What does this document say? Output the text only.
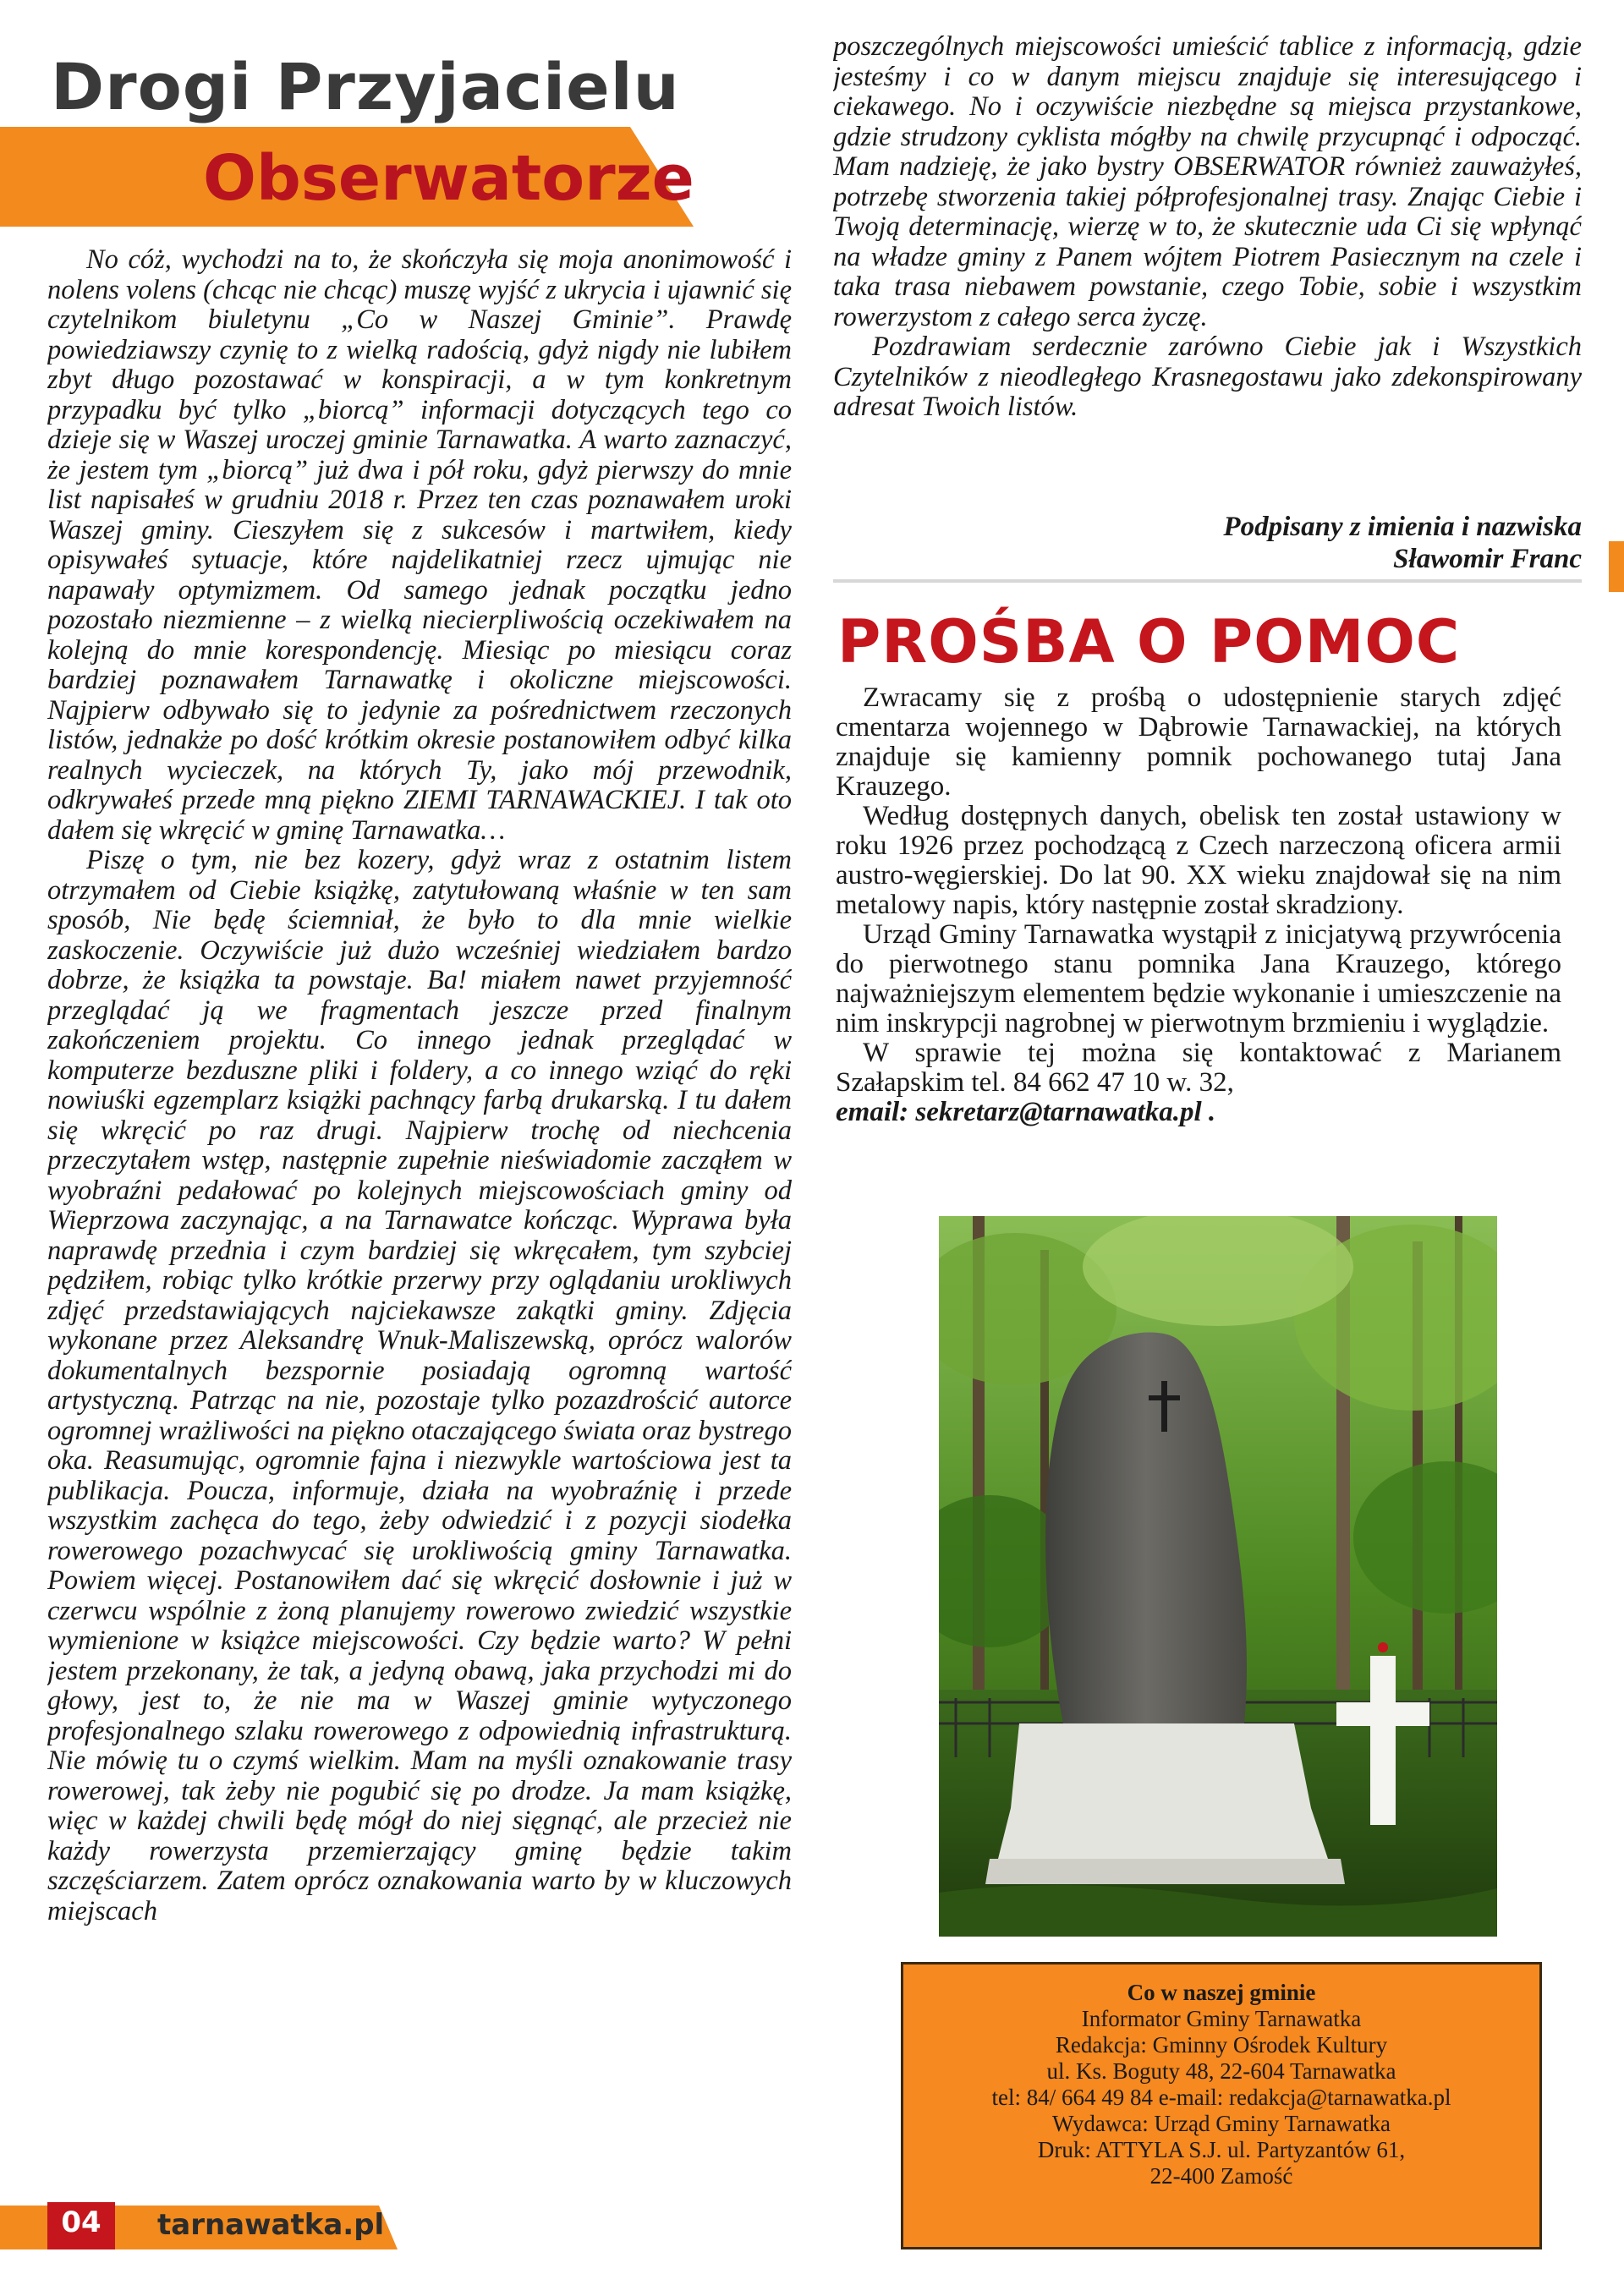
Drogi Przyjacielu
Obserwatorze

No cóż, wychodzi na to, że skończyła się moja anonimowość i nolens volens (chcąc nie chcąc) muszę wyjść z ukrycia i ujawnić się czytelnikom biuletynu „Co w Naszej Gminie”. Prawdę powiedziawszy czynię to z wielką radością, gdyż nigdy nie lubiłem zbyt długo pozostawać w konspiracji, a w tym konkretnym przypadku być tylko „biorcą” informacji dotyczących tego co dzieje się w Waszej uroczej gminie Tarnawatka. A warto zaznaczyć, że jestem tym „biorcą” już dwa i pół roku, gdyż pierwszy do mnie list napisałeś w grudniu 2018 r. Przez ten czas poznawałem uroki Waszej gminy. Cieszyłem się z sukcesów i martwiłem, kiedy opisywałeś sytuacje, które najdelikatniej rzecz ujmując nie napawały optymizmem. Od samego jednak początku jedno pozostało niezmienne – z wielką niecierpliwością oczekiwałem na kolejną do mnie korespondencję. Miesiąc po miesiącu coraz bardziej poznawałem Tarnawatkę i okoliczne miejscowości. Najpierw odbywało się to jedynie za pośrednictwem rzeczonych listów, jednakże po dość krótkim okresie postanowiłem odbyć kilka realnych wycieczek, na których Ty, jako mój przewodnik, odkrywałeś przede mną piękno ZIEMI TARNAWACKIEJ. I tak oto dałem się wkręcić w gminę Tarnawatka…

Piszę o tym, nie bez kozery, gdyż wraz z ostatnim listem otrzymałem od Ciebie książkę, zatytułowaną właśnie w ten sam sposób, Nie będę ściemniał, że było to dla mnie wielkie zaskoczenie. Oczywiście już dużo wcześniej wiedziałem bardzo dobrze, że książka ta powstaje. Ba! miałem nawet przyjemność przeglądać ją we fragmentach jeszcze przed finalnym zakończeniem projektu. Co innego jednak przeglądać w komputerze bezduszne pliki i foldery, a co innego wziąć do ręki nowiuśki egzemplarz książki pachnący farbą drukarską. I tu dałem się wkręcić po raz drugi. Najpierw trochę od niechcenia przeczytałem wstęp, następnie zupełnie nieświadomie zacząłem w wyobraźni pedałować po kolejnych miejscowościach gminy od Wieprzowa zaczynając, a na Tarnawatce kończąc. Wyprawa była naprawdę przednia i czym bardziej się wkręcałem, tym szybciej pędziłem, robiąc tylko krótkie przerwy przy oglądaniu urokliwych zdjęć przedstawiających najciekawsze zakątki gminy. Zdjęcia wykonane przez Aleksandrę Wnuk-Maliszewską, oprócz walorów dokumentalnych bezspornie posiadają ogromną wartość artystyczną. Patrząc na nie, pozostaje tylko pozazdrościć autorce ogromnej wrażliwości na piękno otaczającego świata oraz bystrego oka. Reasumując, ogromnie fajna i niezwykle wartościowa jest ta publikacja. Poucza, informuje, działa na wyobraźnię i przede wszystkim zachęca do tego, żeby odwiedzić i z pozycji siodełka rowerowego pozachwycać się urokliwością gminy Tarnawatka. Powiem więcej. Postanowiłem dać się wkręcić dosłownie i już w czerwcu wspólnie z żoną planujemy rowerowo zwiedzić wszystkie wymienione w książce miejscowości. Czy będzie warto? W pełni jestem przekonany, że tak, a jedyną obawą, jaka przychodzi mi do głowy, jest to, że nie ma w Waszej gminie wytyczonego profesjonalnego szlaku rowerowego z odpowiednią infrastrukturą. Nie mówię tu o czymś wielkim. Mam na myśli oznakowanie trasy rowerowej, tak żeby nie pogubić się po drodze. Ja mam książkę, więc w każdej chwili będę mógł do niej sięgnąć, ale przecież nie każdy rowerzysta przemierzający gminę będzie takim szczęściarzem. Zatem oprócz oznakowania warto by w kluczowych miejscach

poszczególnych miejscowości umieścić tablice z informacją, gdzie jesteśmy i co w danym miejscu znajduje się interesującego i ciekawego. No i oczywiście niezbędne są miejsca przystankowe, gdzie strudzony cyklista mógłby na chwilę przycupnąć i odpocząć. Mam nadzieję, że jako bystry OBSERWATOR również zauważyłeś, potrzebę stworzenia takiej półprofesjonalnej trasy. Znając Ciebie i Twoją determinację, wierzę w to, że skutecznie uda Ci się wpłynąć na władze gminy z Panem wójtem Piotrem Pasiecznym na czele i taka trasa niebawem powstanie, czego Tobie, sobie i wszystkim rowerzystom z całego serca życzę.

Pozdrawiam serdecznie zarówno Ciebie jak i Wszystkich Czytelników z nieodległego Krasnegostawu jako zdekonspirowany adresat Twoich listów.

Podpisany z imienia i nazwiska
Sławomir Franc
PROŚBA O POMOC

Zwracamy się z prośbą o udostępnienie starych zdjęć cmentarza wojennego w Dąbrowie Tarnawackiej, na których znajduje się kamienny pomnik pochowanego tutaj Jana Krauzego.

Według dostępnych danych, obelisk ten został ustawiony w roku 1926 przez pochodzącą z Czech narzeczoną oficera armii austro-węgierskiej. Do lat 90. XX wieku znajdował się na nim metalowy napis, który następnie został skradziony.

Urząd Gminy Tarnawatka wystąpił z inicjatywą przywrócenia do pierwotnego stanu pomnika Jana Krauzego, którego najważniejszym elementem będzie wykonanie i umieszczenie na nim inskrypcji nagrobnej w pierwotnym brzmieniu i wyglądzie.

W sprawie tej można się kontaktować z Marianem Szałapskim tel. 84 662 47 10 w. 32,

email: sekretarz@tarnawatka.pl .

Co w naszej gminie
Informator Gminy Tarnawatka
Redakcja: Gminny Ośrodek Kultury
ul. Ks. Boguty 48, 22-604 Tarnawatka
tel: 84/ 664 49 84 e-mail: redakcja@tarnawatka.pl
Wydawca: Urząd Gminy Tarnawatka
Druk: ATTYLA S.J. ul. Partyzantów 61,
22-400 Zamość
04	tarnawatka.pl
